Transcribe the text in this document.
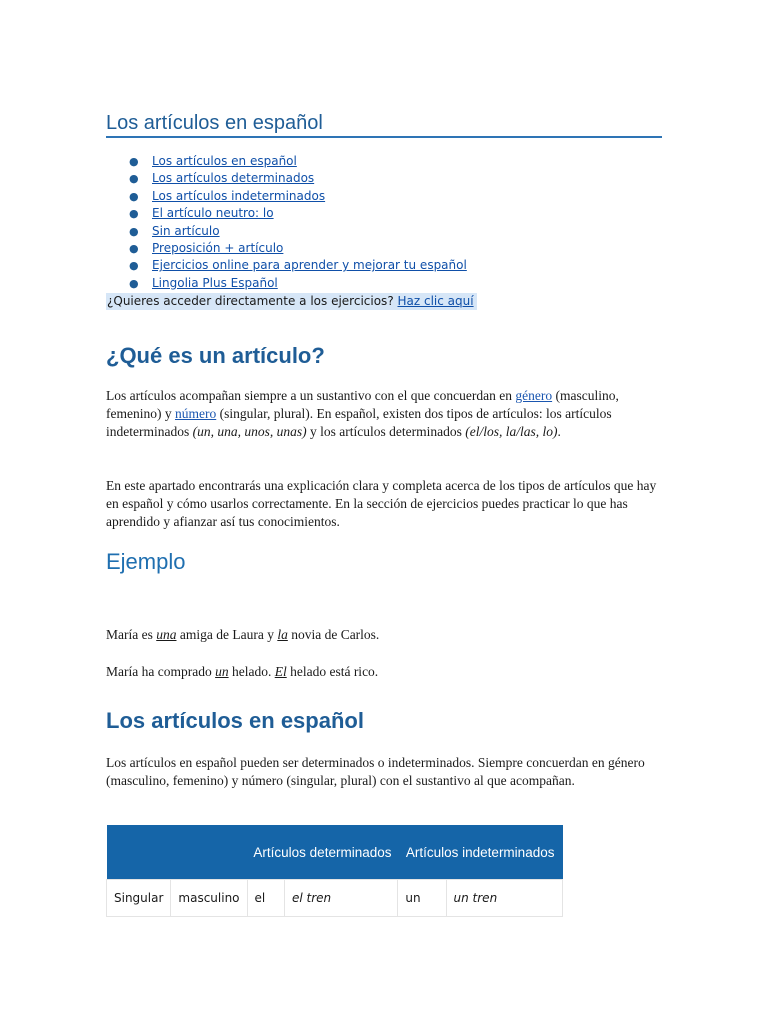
Los artículos en español
● Los artículos en español
● Los artículos determinados
● Los artículos indeterminados
● El artículo neutro: lo
● Sin artículo
● Preposición + artículo
● Ejercicios online para aprender y mejorar tu español
● Lingolia Plus Español
¿Quieres acceder directamente a los ejercicios? Haz clic aquí
¿Qué es un artículo?

Los artículos acompañan siempre a un sustantivo con el que concuerdan en género (masculino, femenino) y número (singular, plural). En español, existen dos tipos de artículos: los artículos indeterminados (un, una, unos, unas) y los artículos determinados (el/los, la/las, lo).

En este apartado encontrarás una explicación clara y completa acerca de los tipos de artículos que hay en español y cómo usarlos correctamente. En la sección de ejercicios puedes practicar lo que has aprendido y afianzar así tus conocimientos.

Ejemplo

María es una amiga de Laura y la novia de Carlos.

María ha comprado un helado. El helado está rico.

Los artículos en español

Los artículos en español pueden ser determinados o indeterminados. Siempre concuerdan en género (masculino, femenino) y número (singular, plural) con el sustantivo al que acompañan.

		Artículos determinados		Artículos indeterminados	
Singular	masculino	el	el tren	un	un tren
